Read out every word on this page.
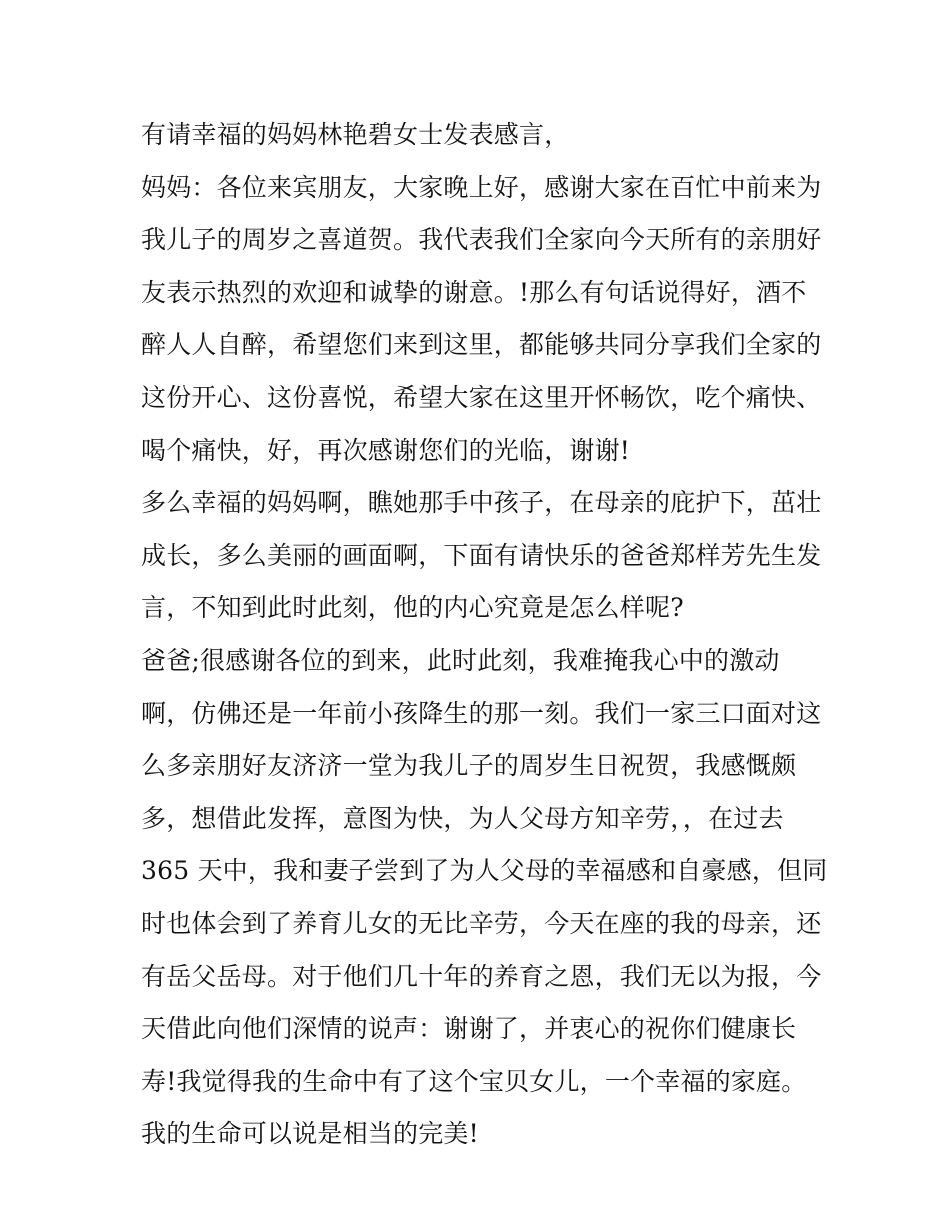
有请幸福的妈妈林艳碧女士发表感言，
妈妈：各位来宾朋友，大家晚上好，感谢大家在百忙中前来为
我儿子的周岁之喜道贺。我代表我们全家向今天所有的亲朋好
友表示热烈的欢迎和诚挚的谢意。!那么有句话说得好，酒不
醉人人自醉，希望您们来到这里，都能够共同分享我们全家的
这份开心、这份喜悦，希望大家在这里开怀畅饮，吃个痛快、
喝个痛快，好，再次感谢您们的光临，谢谢!
多么幸福的妈妈啊，瞧她那手中孩子，在母亲的庇护下，茁壮
成长，多么美丽的画面啊，下面有请快乐的爸爸郑样芳先生发
言，不知到此时此刻，他的内心究竟是怎么样呢?
爸爸;很感谢各位的到来，此时此刻，我难掩我心中的激动
啊，仿佛还是一年前小孩降生的那一刻。我们一家三口面对这
么多亲朋好友济济一堂为我儿子的周岁生日祝贺，我感慨颇
多，想借此发挥，意图为快，为人父母方知辛劳，，在过去
365 天中，我和妻子尝到了为人父母的幸福感和自豪感，但同
时也体会到了养育儿女的无比辛劳，今天在座的我的母亲，还
有岳父岳母。对于他们几十年的养育之恩，我们无以为报，今
天借此向他们深情的说声：谢谢了，并衷心的祝你们健康长
寿!我觉得我的生命中有了这个宝贝女儿，一个幸福的家庭。
我的生命可以说是相当的完美!
